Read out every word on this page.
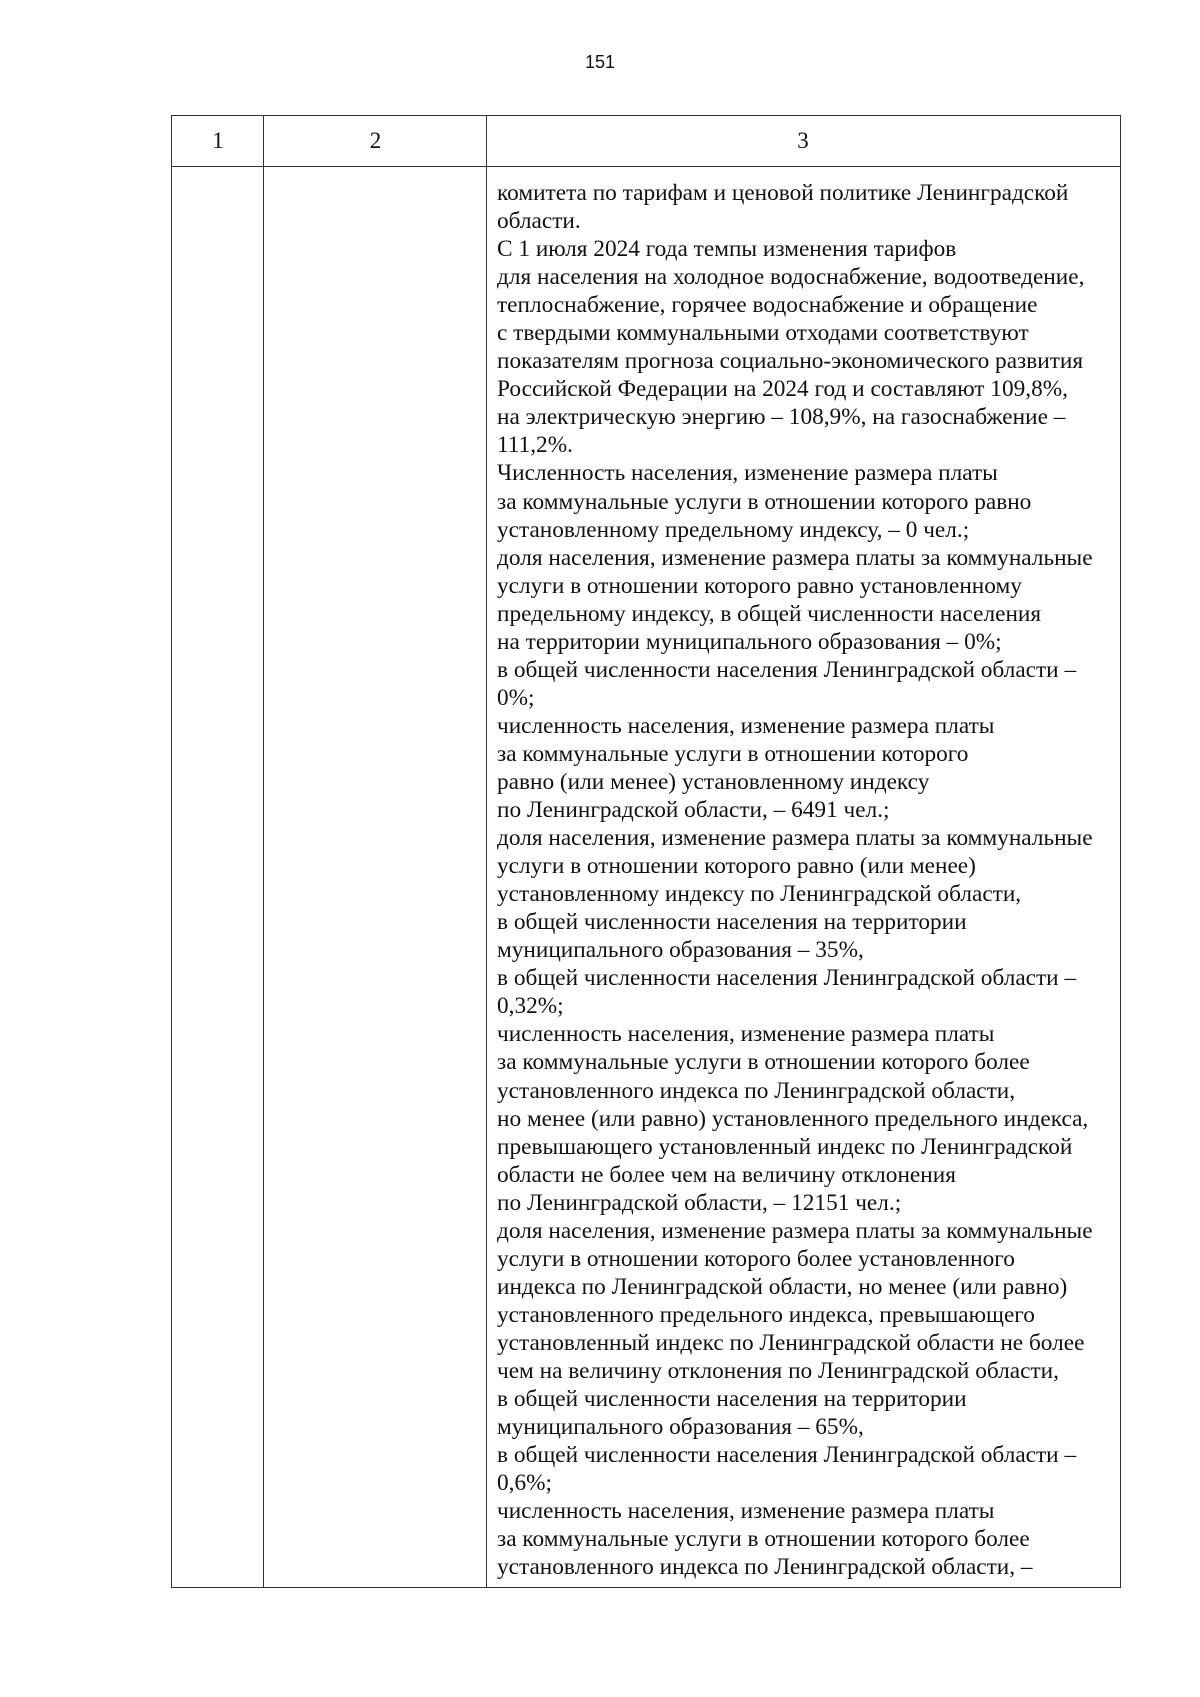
151
1	2	3
комитета по тарифам и ценовой политике Ленинградской
области.
С 1 июля 2024 года темпы изменения тарифов
для населения на холодное водоснабжение, водоотведение,
теплоснабжение, горячее водоснабжение и обращение
с твердыми коммунальными отходами соответствуют
показателям прогноза социально-экономического развития
Российской Федерации на 2024 год и составляют 109,8%,
на электрическую энергию – 108,9%, на газоснабжение –
111,2%.
Численность населения, изменение размера платы
за коммунальные услуги в отношении которого равно
установленному предельному индексу, – 0 чел.;
доля населения, изменение размера платы за коммунальные
услуги в отношении которого равно установленному
предельному индексу, в общей численности населения
на территории муниципального образования – 0%;
в общей численности населения Ленинградской области –
0%;
численность населения, изменение размера платы
за коммунальные услуги в отношении которого
равно (или менее) установленному индексу
по Ленинградской области, – 6491 чел.;
доля населения, изменение размера платы за коммунальные
услуги в отношении которого равно (или менее)
установленному индексу по Ленинградской области,
в общей численности населения на территории
муниципального образования – 35%,
в общей численности населения Ленинградской области –
0,32%;
численность населения, изменение размера платы
за коммунальные услуги в отношении которого более
установленного индекса по Ленинградской области,
но менее (или равно) установленного предельного индекса,
превышающего установленный индекс по Ленинградской
области не более чем на величину отклонения
по Ленинградской области, – 12151 чел.;
доля населения, изменение размера платы за коммунальные
услуги в отношении которого более установленного
индекса по Ленинградской области, но менее (или равно)
установленного предельного индекса, превышающего
установленный индекс по Ленинградской области не более
чем на величину отклонения по Ленинградской области,
в общей численности населения на территории
муниципального образования – 65%,
в общей численности населения Ленинградской области –
0,6%;
численность населения, изменение размера платы
за коммунальные услуги в отношении которого более
установленного индекса по Ленинградской области, –
